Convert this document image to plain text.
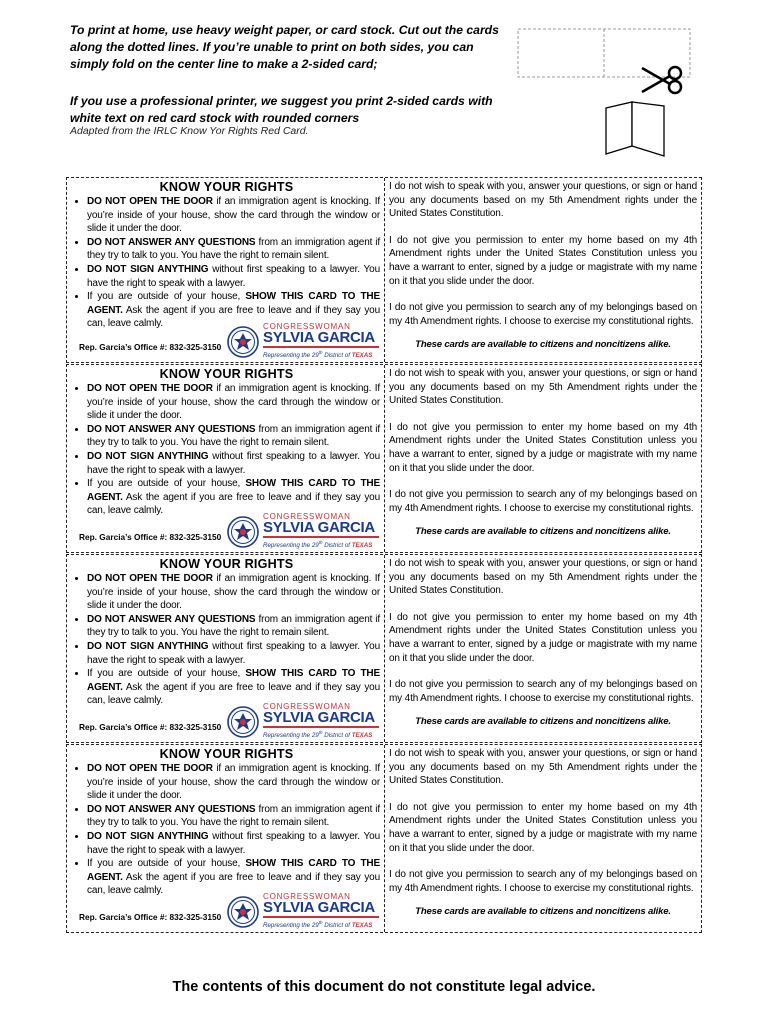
To print at home, use heavy weight paper, or card stock. Cut out the cards along the dotted lines. If you’re unable to print on both sides, you can simply fold on the center line to make a 2-sided card;
If you use a professional printer, we suggest you print 2-sided cards with white text on red card stock with rounded corners
Adapted from the IRLC Know Yor Rights Red Card.
KNOW YOUR RIGHTS
• DO NOT OPEN THE DOOR if an immigration agent is knocking. If you’re inside of your house, show the card through the window or slide it under the door.
• DO NOT ANSWER ANY QUESTIONS from an immigration agent if they try to talk to you. You have the right to remain silent.
• DO NOT SIGN ANYTHING without first speaking to a lawyer. You have the right to speak with a lawyer.
• If you are outside of your house, SHOW THIS CARD TO THE AGENT. Ask the agent if you are free to leave and if they say you can, leave calmly.
Rep. Garcia’s Office #: 832-325-3150
CONGRESSWOMAN
SYLVIA GARCIA
Representing the 29th District of TEXAS

I do not wish to speak with you, answer your questions, or sign or hand you any documents based on my 5th Amendment rights under the United States Constitution.

I do not give you permission to enter my home based on my 4th Amendment rights under the United States Constitution unless you have a warrant to enter, signed by a judge or magistrate with my name on it that you slide under the door.

I do not give you permission to search any of my belongings based on my 4th Amendment rights. I choose to exercise my constitutional rights.

These cards are available to citizens and noncitizens alike.
KNOW YOUR RIGHTS
• DO NOT OPEN THE DOOR if an immigration agent is knocking. If you’re inside of your house, show the card through the window or slide it under the door.
• DO NOT ANSWER ANY QUESTIONS from an immigration agent if they try to talk to you. You have the right to remain silent.
• DO NOT SIGN ANYTHING without first speaking to a lawyer. You have the right to speak with a lawyer.
• If you are outside of your house, SHOW THIS CARD TO THE AGENT. Ask the agent if you are free to leave and if they say you can, leave calmly.
Rep. Garcia’s Office #: 832-325-3150
CONGRESSWOMAN
SYLVIA GARCIA
Representing the 29th District of TEXAS

I do not wish to speak with you, answer your questions, or sign or hand you any documents based on my 5th Amendment rights under the United States Constitution.

I do not give you permission to enter my home based on my 4th Amendment rights under the United States Constitution unless you have a warrant to enter, signed by a judge or magistrate with my name on it that you slide under the door.

I do not give you permission to search any of my belongings based on my 4th Amendment rights. I choose to exercise my constitutional rights.

These cards are available to citizens and noncitizens alike.
KNOW YOUR RIGHTS
• DO NOT OPEN THE DOOR if an immigration agent is knocking. If you’re inside of your house, show the card through the window or slide it under the door.
• DO NOT ANSWER ANY QUESTIONS from an immigration agent if they try to talk to you. You have the right to remain silent.
• DO NOT SIGN ANYTHING without first speaking to a lawyer. You have the right to speak with a lawyer.
• If you are outside of your house, SHOW THIS CARD TO THE AGENT. Ask the agent if you are free to leave and if they say you can, leave calmly.
Rep. Garcia’s Office #: 832-325-3150
CONGRESSWOMAN
SYLVIA GARCIA
Representing the 29th District of TEXAS

I do not wish to speak with you, answer your questions, or sign or hand you any documents based on my 5th Amendment rights under the United States Constitution.

I do not give you permission to enter my home based on my 4th Amendment rights under the United States Constitution unless you have a warrant to enter, signed by a judge or magistrate with my name on it that you slide under the door.

I do not give you permission to search any of my belongings based on my 4th Amendment rights. I choose to exercise my constitutional rights.

These cards are available to citizens and noncitizens alike.
KNOW YOUR RIGHTS
• DO NOT OPEN THE DOOR if an immigration agent is knocking. If you’re inside of your house, show the card through the window or slide it under the door.
• DO NOT ANSWER ANY QUESTIONS from an immigration agent if they try to talk to you. You have the right to remain silent.
• DO NOT SIGN ANYTHING without first speaking to a lawyer. You have the right to speak with a lawyer.
• If you are outside of your house, SHOW THIS CARD TO THE AGENT. Ask the agent if you are free to leave and if they say you can, leave calmly.
Rep. Garcia’s Office #: 832-325-3150
CONGRESSWOMAN
SYLVIA GARCIA
Representing the 29th District of TEXAS

I do not wish to speak with you, answer your questions, or sign or hand you any documents based on my 5th Amendment rights under the United States Constitution.

I do not give you permission to enter my home based on my 4th Amendment rights under the United States Constitution unless you have a warrant to enter, signed by a judge or magistrate with my name on it that you slide under the door.

I do not give you permission to search any of my belongings based on my 4th Amendment rights. I choose to exercise my constitutional rights.

These cards are available to citizens and noncitizens alike.
The contents of this document do not constitute legal advice.
